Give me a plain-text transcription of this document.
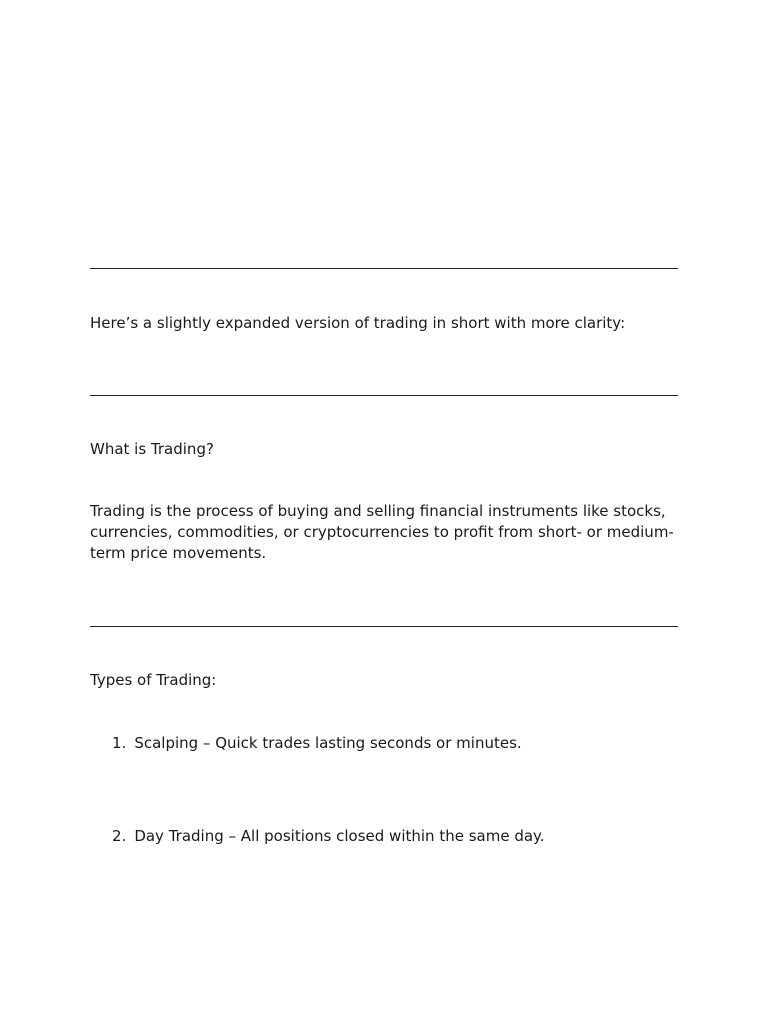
Here’s a slightly expanded version of trading in short with more clarity:

What is Trading?

Trading is the process of buying and selling financial instruments like stocks, currencies, commodities, or cryptocurrencies to profit from short- or medium-term price movements.

Types of Trading:

1. Scalping – Quick trades lasting seconds or minutes.
2. Day Trading – All positions closed within the same day.
